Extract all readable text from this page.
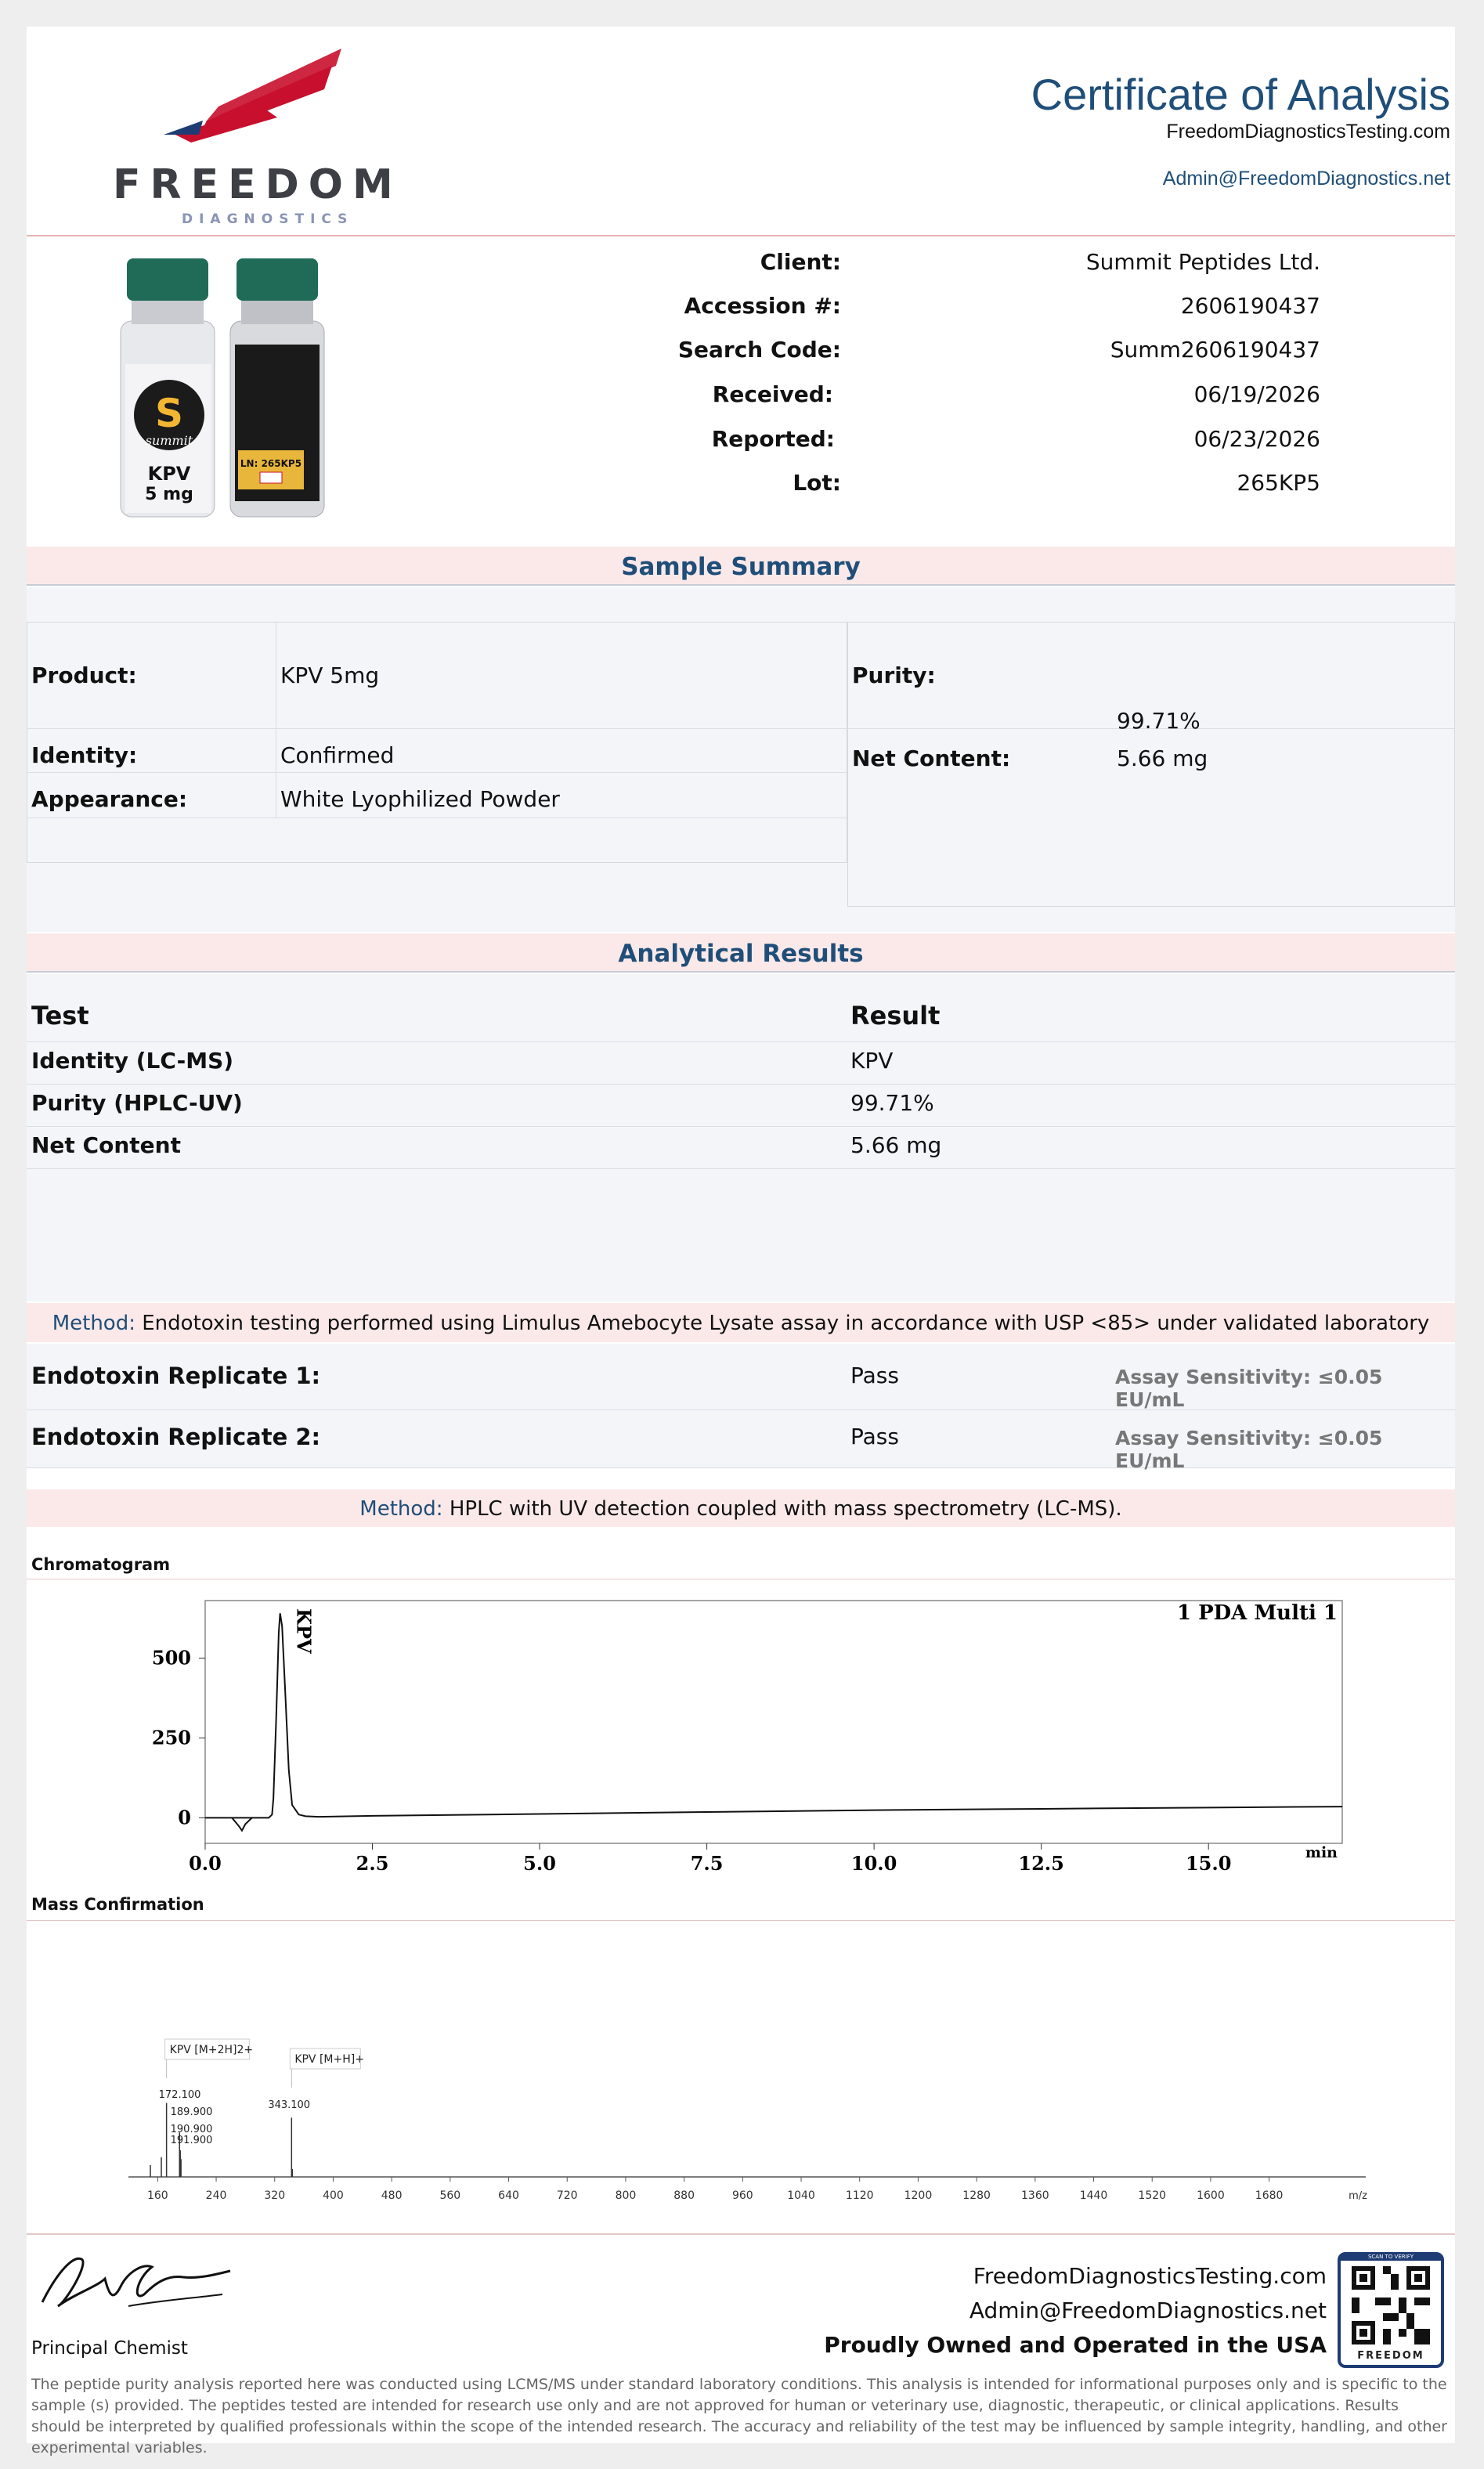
FREEDOM
DIAGNOSTICS
Certificate of Analysis
FreedomDiagnosticsTesting.com
Admin@FreedomDiagnostics.net
S
summit
KPV
5 mg
LN: 265KP5
Client:	Summit Peptides Ltd.
Accession #:	2606190437
Search Code:	Summ2606190437
Received:	06/19/2026
Reported:	06/23/2026
Lot:	265KP5
Sample Summary
Product:	KPV 5mg
Identity:	Confirmed
Appearance:	White Lyophilized Powder
Purity:
99.71%
Net Content:	5.66 mg
Analytical Results
Test	Result
Identity (LC-MS)	KPV
Purity (HPLC-UV)	99.71%
Net Content	5.66 mg
Method: Endotoxin testing performed using Limulus Amebocyte Lysate assay in accordance with USP <85> under validated laboratory
Endotoxin Replicate 1:	Pass	Assay Sensitivity: ≤0.05 EU/mL
Endotoxin Replicate 2:	Pass	Assay Sensitivity: ≤0.05 EU/mL
Method: HPLC with UV detection coupled with mass spectrometry (LC-MS).
Chromatogram
0.0	2.5	5.0	7.5	10.0	12.5	15.0
0
250
500
min
1 PDA Multi 1
KPV
Mass Confirmation
160	240	320	400	480	560	640	720	800	880	960	1040	1120	1200	1280	1360	1440	1520	1600	1680	m/z
172.100
189.900
190.900
191.900
343.100
KPV [M+2H]2+
KPV [M+H]+
Principal Chemist
FreedomDiagnosticsTesting.com
Admin@FreedomDiagnostics.net
Proudly Owned and Operated in the USA
SCAN TO VERIFY
FREEDOM
The peptide purity analysis reported here was conducted using LCMS/MS under standard laboratory conditions. This analysis is intended for informational purposes only and is specific to the sample (s) provided. The peptides tested are intended for research use only and are not approved for human or veterinary use, diagnostic, therapeutic, or clinical applications. Results should be interpreted by qualified professionals within the scope of the intended research. The accuracy and reliability of the test may be influenced by sample integrity, handling, and other experimental variables.
